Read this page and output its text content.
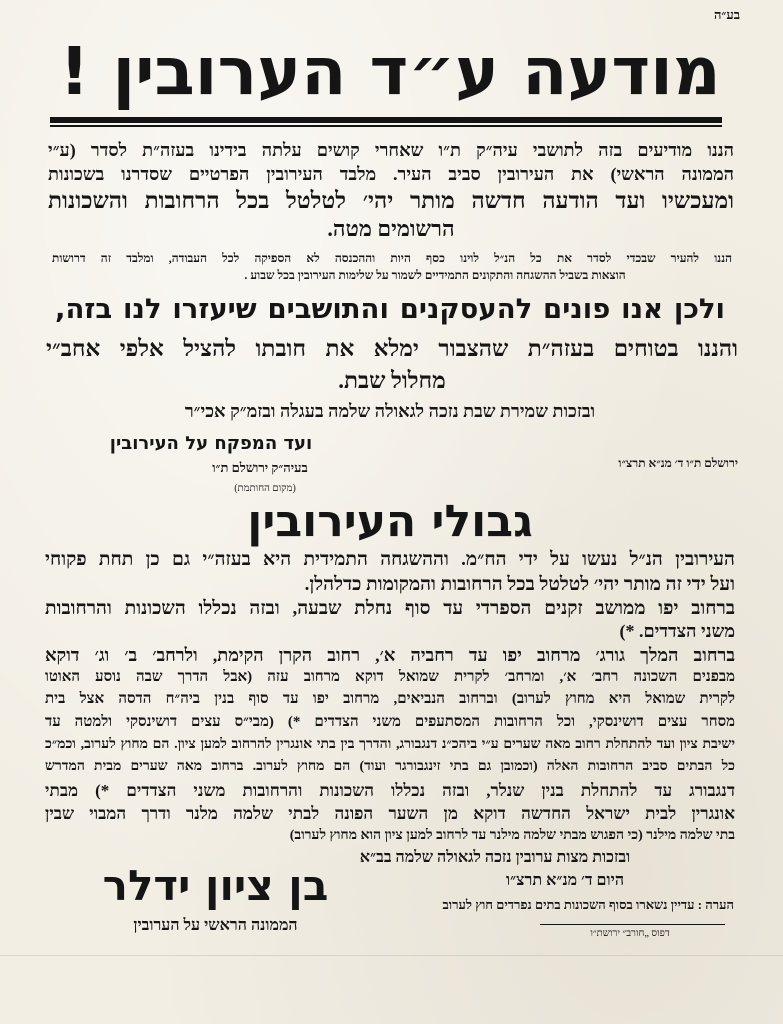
בע״ה
מודעה ע״ד הערובין !
הננו מודיעים בזה לתושבי עיה״ק ת״ו שאחרי קושים עלתה בידינו בעזה״ת לסדר (ע״י
הממונה הראשי) את העירובין סביב העיר. מלבד העירובין הפרטיים שסדרנו בשכונות
ומעכשיו ועד הודעה חדשה מותר יהי׳ לטלטל בכל הרחובות והשכונות
הרשומים מטה.
הננו להעיר שבכדי לסדר את כל הנ״ל לוינו כסף היות וההכנסה לא הספיקה לכל העבודה, ומלבד זה דרושות
הוצאות בשביל ההשגחה והתקונים התמידיים לשמור על שלימות העירובין בכל שבוע .
ולכן אנו פונים להעסקנים והתושבים שיעזרו לנו בזה,
והננו בטוחים בעזה״ת שהצבור ימלא את חובתו להציל אלפי אחב״י
מחלול שבת.
ובזכות שמירת שבת נזכה לגאולה שלמה בעגלה ובזמ״ק אכי״ר
ועד המפקח על העירובין
בעיה״ק ירושלם ת״ו
(מקום החותמת)
ירושלם ת״ו ד׳ מנ״א תרצ״ו
גבולי העירובין
העירובין הנ״ל נעשו על ידי הח״מ. וההשגחה התמידית היא בעזה״י גם כן תחת פקוחי
ועל ידי זה מותר יהי׳ לטלטל בכל הרחובות והמקומות כדלהלן.
ברחוב יפו ממושב זקנים הספרדי עד סוף נחלת שבעה, ובזה נכללו השכונות והרחובות
משני הצדדים. *)
ברחוב המלך גורג׳ מרחוב יפו עד רחביה א׳, רחוב הקרן הקימת, ולרחב׳ ב׳ וג׳ דוקא
מבפנים השכונה רחב׳ א׳, ומרחב׳ לקרית שמואל דוקא מרחוב עזה (אבל הדרך שבה נוסע האוטו
לקרית שמואל היא מחוץ לערוב) וברחוב הנביאים, מרחוב יפו עד סוף בנין ביה״ח הדסה אצל בית
מסחר עצים דושינסקי, וכל הרחובות המסתעפים משני הצדדים *) (מבי״ס עצים דושינסקי ולמטה עד
ישיבת ציון ועד להתחלת רחוב מאה שערים ע״י ביהכ״נ דנגבורג, והדרך בין בתי אונגרין להרחוב למען ציון. הם מחוץ לערוב, וכמ״כ
כל הבתים סביב הרחובות האלה (וכמובן גם בתי זינגבורגר ועוד) הם מחוץ לערוב. ברחוב מאה שערים מבית המדרש
דנגבורג עד להתחלת בנין שנלר, ובזה נכללו השכונות והרחובות משני הצדדים *) מבתי
אונגרין לבית ישראל החדשה דוקא מן השער הפונה לבתי שלמה מלנר ודרך המבוי שבין
בתי שלמה מילנר (כי הפגוש מבתי שלמה מילנר עד לרחוב למען ציון הוא מחוץ לערוב)
ובזכות מצות ערובין נזכה לגאולה שלמה בב״א
היום ד׳ מנ״א תרצ״ו
הערה : עדיין נשארו בסוף השכונות בתים נפרדים חוץ לערוב
בן ציון ידלר
הממונה הראשי על הערובין	דפוס „חורב״ ירושת״ו
